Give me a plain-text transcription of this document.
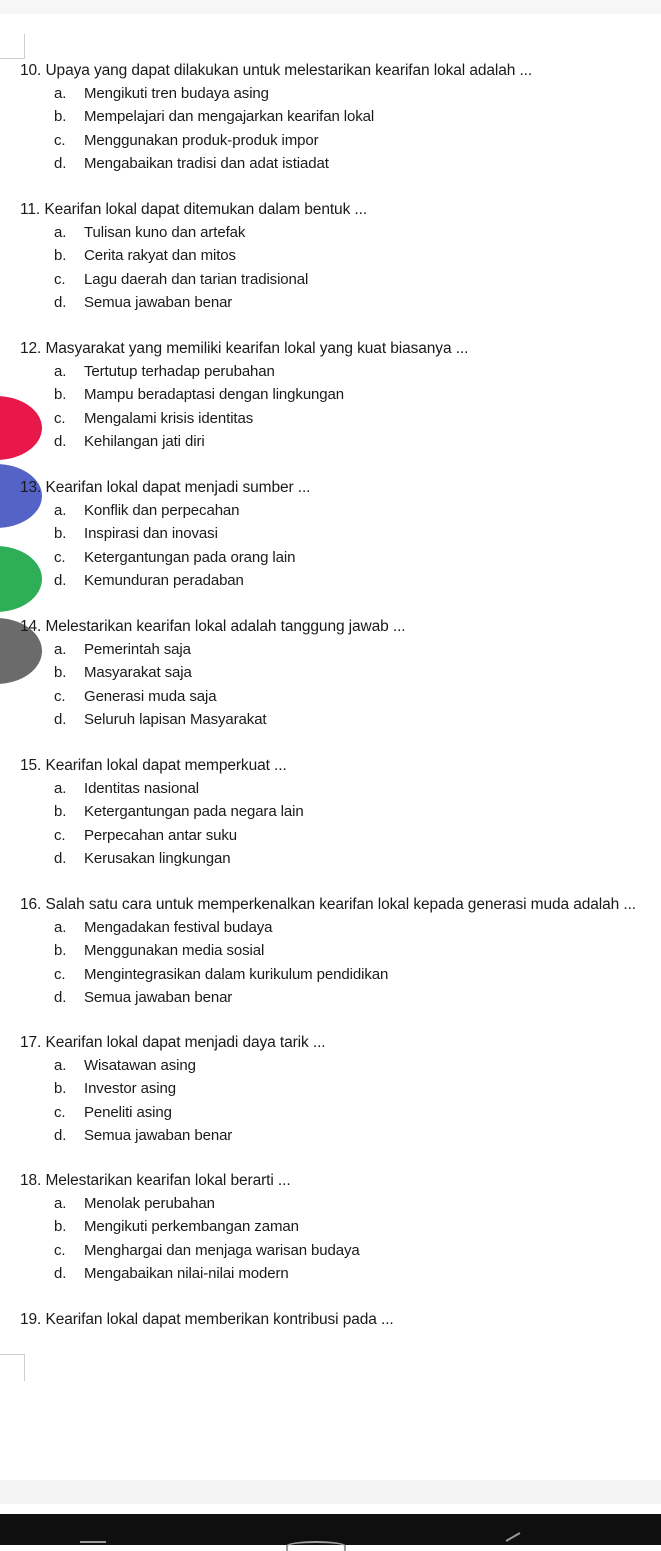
10. Upaya yang dapat dilakukan untuk melestarikan kearifan lokal adalah ...
a. Mengikuti tren budaya asing
b. Mempelajari dan mengajarkan kearifan lokal
c. Menggunakan produk-produk impor
d. Mengabaikan tradisi dan adat istiadat
11. Kearifan lokal dapat ditemukan dalam bentuk ...
a. Tulisan kuno dan artefak
b. Cerita rakyat dan mitos
c. Lagu daerah dan tarian tradisional
d. Semua jawaban benar
12. Masyarakat yang memiliki kearifan lokal yang kuat biasanya ...
a. Tertutup terhadap perubahan
b. Mampu beradaptasi dengan lingkungan
c. Mengalami krisis identitas
d. Kehilangan jati diri
13. Kearifan lokal dapat menjadi sumber ...
a. Konflik dan perpecahan
b. Inspirasi dan inovasi
c. Ketergantungan pada orang lain
d. Kemunduran peradaban
14. Melestarikan kearifan lokal adalah tanggung jawab ...
a. Pemerintah saja
b. Masyarakat saja
c. Generasi muda saja
d. Seluruh lapisan Masyarakat
15. Kearifan lokal dapat memperkuat ...
a. Identitas nasional
b. Ketergantungan pada negara lain
c. Perpecahan antar suku
d. Kerusakan lingkungan
16. Salah satu cara untuk memperkenalkan kearifan lokal kepada generasi muda adalah ...
a. Mengadakan festival budaya
b. Menggunakan media sosial
c. Mengintegrasikan dalam kurikulum pendidikan
d. Semua jawaban benar
17. Kearifan lokal dapat menjadi daya tarik ...
a. Wisatawan asing
b. Investor asing
c. Peneliti asing
d. Semua jawaban benar
18. Melestarikan kearifan lokal berarti ...
a. Menolak perubahan
b. Mengikuti perkembangan zaman
c. Menghargai dan menjaga warisan budaya
d. Mengabaikan nilai-nilai modern
19. Kearifan lokal dapat memberikan kontribusi pada ...
